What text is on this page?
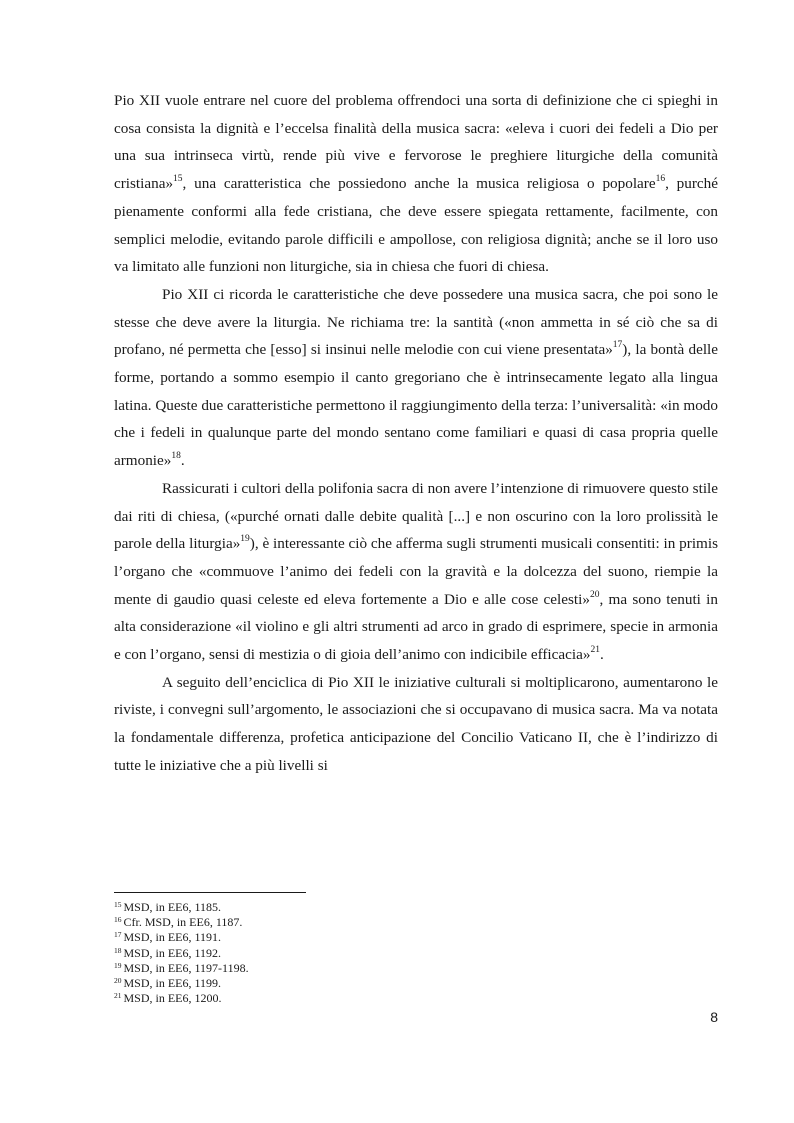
Pio XII vuole entrare nel cuore del problema offrendoci una sorta di definizione che ci spieghi in cosa consista la dignità e l’eccelsa finalità della musica sacra: «eleva i cuori dei fedeli a Dio per una sua intrinseca virtù, rende più vive e fervorose le preghiere liturgiche della comunità cristiana»$^{15}$, una caratteristica che possiedono anche la musica religiosa o popolare$^{16}$, purché pienamente conformi alla fede cristiana, che deve essere spiegata rettamente, facilmente, con semplici melodie, evitando parole difficili e ampollose, con religiosa dignità; anche se il loro uso va limitato alle funzioni non liturgiche, sia in chiesa che fuori di chiesa.

Pio XII ci ricorda le caratteristiche che deve possedere una musica sacra, che poi sono le stesse che deve avere la liturgia. Ne richiama tre: la santità («non ammetta in sé ciò che sa di profano, né permetta che [esso] si insinui nelle melodie con cui viene presentata»$^{17}$), la bontà delle forme, portando a sommo esempio il canto gregoriano che è intrinsecamente legato alla lingua latina. Queste due caratteristiche permettono il raggiungimento della terza: l’universalità: «in modo che i fedeli in qualunque parte del mondo sentano come familiari e quasi di casa propria quelle armonie»$^{18}$.

Rassicurati i cultori della polifonia sacra di non avere l’intenzione di rimuovere questo stile dai riti di chiesa, («purché ornati dalle debite qualità [...] e non oscurino con la loro prolissità le parole della liturgia»$^{19}$), è interessante ciò che afferma sugli strumenti musicali consentiti: in primis l’organo che «commuove l’animo dei fedeli con la gravità e la dolcezza del suono, riempie la mente di gaudio quasi celeste ed eleva fortemente a Dio e alle cose celesti»$^{20}$, ma sono tenuti in alta considerazione «il violino e gli altri strumenti ad arco in grado di esprimere, specie in armonia e con l’organo, sensi di mestizia o di gioia dell’animo con indicibile efficacia»$^{21}$.

A seguito dell’enciclica di Pio XII le iniziative culturali si moltiplicarono, aumentarono le riviste, i convegni sull’argomento, le associazioni che si occupavano di musica sacra. Ma va notata la fondamentale differenza, profetica anticipazione del Concilio Vaticano II, che è l’indirizzo di tutte le iniziative che a più livelli si

$^{15}$ MSD, in EE6, 1185.
$^{16}$ Cfr. MSD, in EE6, 1187.
$^{17}$ MSD, in EE6, 1191.
$^{18}$ MSD, in EE6, 1192.
$^{19}$ MSD, in EE6, 1197-1198.
$^{20}$ MSD, in EE6, 1199.
$^{21}$ MSD, in EE6, 1200.
8
